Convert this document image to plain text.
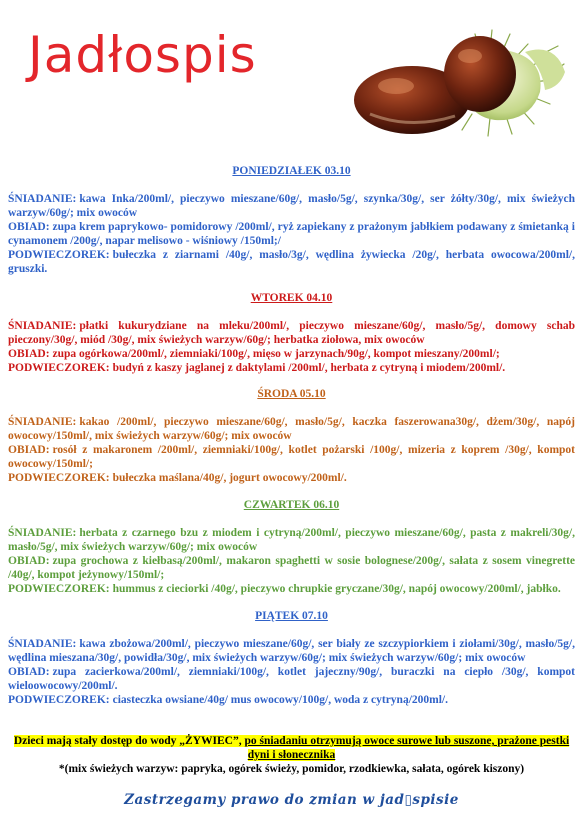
Jadłospis

PONIEDZIAŁEK 03.10

ŚNIADANIE: kawa Inka/200ml/, pieczywo mieszane/60g/, masło/5g/, szynka/30g/, ser żółty/30g/, mix świeżych warzyw/60g/; mix owoców

OBIAD: zupa krem paprykowo- pomidorowy /200ml/, ryż zapiekany z prażonym jabłkiem podawany z śmietanką i cynamonem /200g/, napar melisowo - wiśniowy /150ml;/

PODWIECZOREK: bułeczka z ziarnami /40g/, masło/3g/, wędlina żywiecka /20g/, herbata owocowa/200ml/, gruszki.

WTOREK 04.10

ŚNIADANIE: płatki kukurydziane na mleku/200ml/, pieczywo mieszane/60g/, masło/5g/, domowy schab pieczony/30g/, miód /30g/, mix świeżych warzyw/60g/; herbatka ziołowa, mix owoców

OBIAD: zupa ogórkowa/200ml/, ziemniaki/100g/, mięso w jarzynach/90g/, kompot mieszany/200ml/;

PODWIECZOREK: budyń z kaszy jaglanej z daktylami /200ml/, herbata z cytryną i miodem/200ml/.

ŚRODA 05.10

ŚNIADANIE: kakao /200ml/, pieczywo mieszane/60g/, masło/5g/, kaczka faszerowana30g/, dżem/30g/, napój owocowy/150ml/, mix świeżych warzyw/60g/; mix owoców

OBIAD: rosół z makaronem /200ml/, ziemniaki/100g/, kotlet pożarski /100g/, mizeria z koprem /30g/, kompot owocowy/150ml/;

PODWIECZOREK: bułeczka maślana/40g/, jogurt owocowy/200ml/.

CZWARTEK 06.10

ŚNIADANIE: herbata z czarnego bzu z miodem i cytryną/200ml/, pieczywo mieszane/60g/, pasta z makreli/30g/, masło/5g/, mix świeżych warzyw/60g/; mix owoców

OBIAD: zupa grochowa z kiełbasą/200ml/, makaron spaghetti w sosie bolognese/200g/, sałata z sosem vinegrette /40g/, kompot jeżynowy/150ml/;

PODWIECZOREK: hummus z cieciorki /40g/, pieczywo chrupkie gryczane/30g/, napój owocowy/200ml/, jabłko.

PIĄTEK 07.10

ŚNIADANIE: kawa zbożowa/200ml/, pieczywo mieszane/60g/, ser biały ze szczypiorkiem i ziołami/30g/, masło/5g/, wędlina mieszana/30g/, powidła/30g/, mix świeżych warzyw/60g/; mix świeżych warzyw/60g/; mix owoców

OBIAD: zupa zacierkowa/200ml/, ziemniaki/100g/, kotlet jajeczny/90g/, buraczki na ciepło /30g/, kompot wieloowocowy/200ml/.

PODWIECZOREK: ciasteczka owsiane/40g/ mus owocowy/100g/, woda z cytryną/200ml/.

Dzieci mają stały dostęp do wody „ŻYWIEC”, po śniadaniu otrzymują owoce surowe lub suszone, prażone pestki dyni i słonecznika
*(mix świeżych warzyw: papryka, ogórek świeży, pomidor, rzodkiewka, sałata, ogórek kiszony)
Zastrzegamy prawo do zmian w jad▯spisie
